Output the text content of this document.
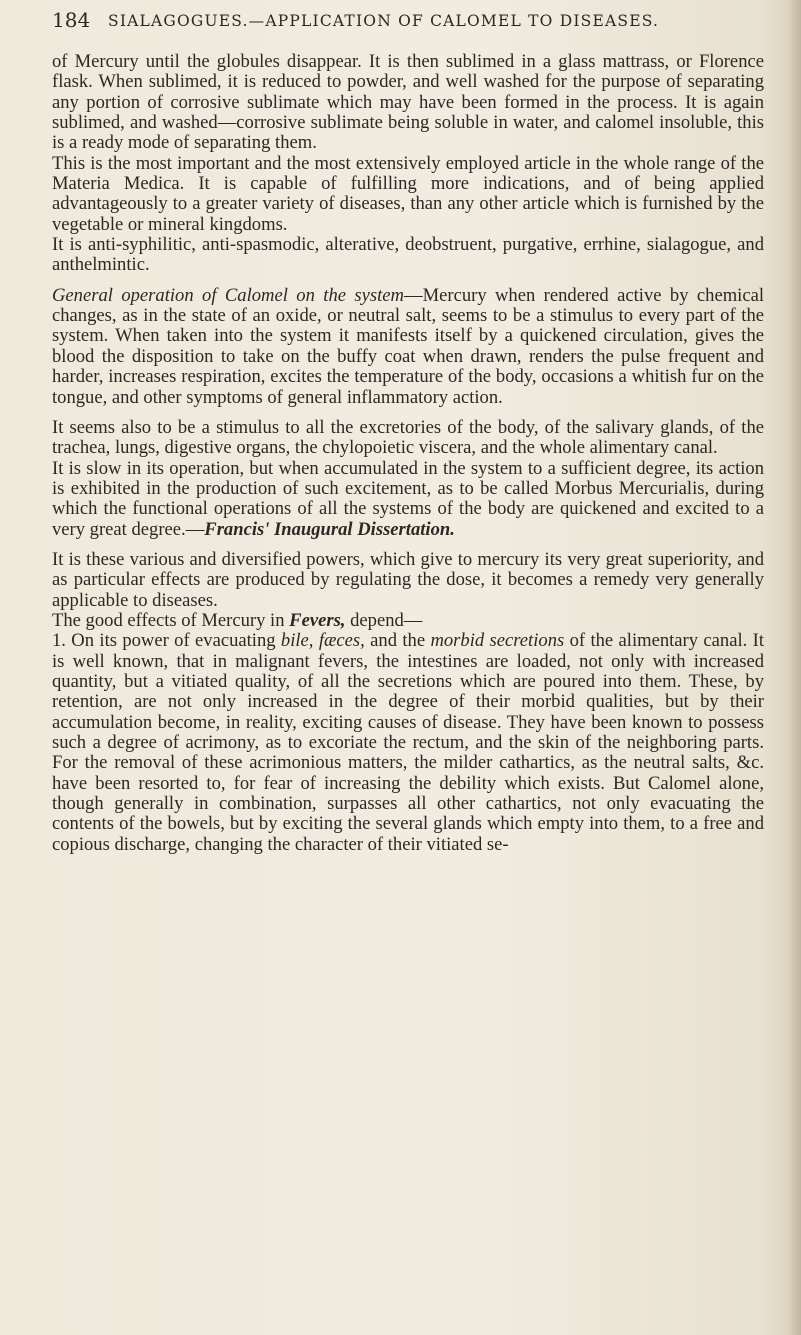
184 SIALAGOGUES.—APPLICATION OF CALOMEL TO DISEASES.

of Mercury until the globules disappear. It is then sublimed in a glass mattrass, or Florence flask. When sublimed, it is reduced to powder, and well washed for the purpose of separating any portion of corrosive sublimate which may have been formed in the process. It is again sublimed, and washed—corrosive sublimate being soluble in water, and calomel insoluble, this is a ready mode of separating them.

This is the most important and the most extensively employed article in the whole range of the Materia Medica. It is capable of fulfilling more indications, and of being applied advantageously to a greater variety of diseases, than any other article which is furnished by the vegetable or mineral kingdoms.

It is anti-syphilitic, anti-spasmodic, alterative, deobstruent, purgative, errhine, sialagogue, and anthelmintic.

General operation of Calomel on the system—Mercury when rendered active by chemical changes, as in the state of an oxide, or neutral salt, seems to be a stimulus to every part of the system. When taken into the system it manifests itself by a quickened circulation, gives the blood the disposition to take on the buffy coat when drawn, renders the pulse frequent and harder, increases respiration, excites the temperature of the body, occasions a whitish fur on the tongue, and other symptoms of general inflammatory action.

It seems also to be a stimulus to all the excretories of the body, of the salivary glands, of the trachea, lungs, digestive organs, the chylopoietic viscera, and the whole alimentary canal.

It is slow in its operation, but when accumulated in the system to a sufficient degree, its action is exhibited in the production of such excitement, as to be called Morbus Mercurialis, during which the functional operations of all the systems of the body are quickened and excited to a very great degree.—Francis' Inaugural Dissertation.

It is these various and diversified powers, which give to mercury its very great superiority, and as particular effects are produced by regulating the dose, it becomes a remedy very generally applicable to diseases.

The good effects of Mercury in Fevers, depend—

1. On its power of evacuating bile, fæces, and the morbid secretions of the alimentary canal. It is well known, that in malignant fevers, the intestines are loaded, not only with increased quantity, but a vitiated quality, of all the secretions which are poured into them. These, by retention, are not only increased in the degree of their morbid qualities, but by their accumulation become, in reality, exciting causes of disease. They have been known to possess such a degree of acrimony, as to excoriate the rectum, and the skin of the neighboring parts. For the removal of these acrimonious matters, the milder cathartics, as the neutral salts, &c. have been resorted to, for fear of increasing the debility which exists. But Calomel alone, though generally in combination, surpasses all other cathartics, not only evacuating the contents of the bowels, but by exciting the several glands which empty into them, to a free and copious discharge, changing the character of their vitiated se-
